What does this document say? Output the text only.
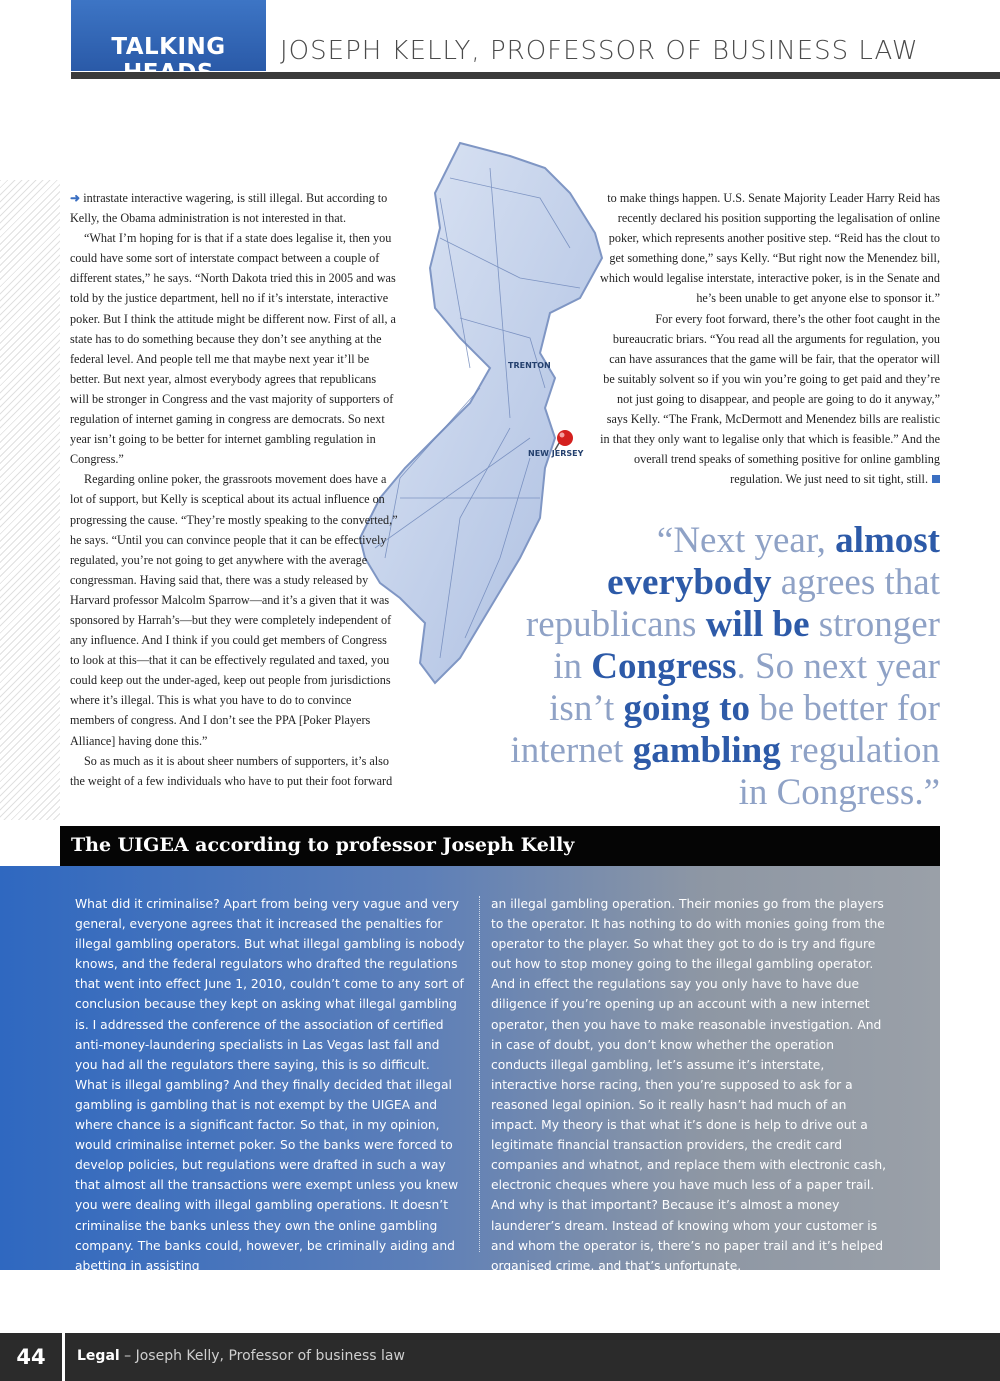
TALKING	JOSEPH KELLY, PROFESSOR OF BUSINESS LAW
TRENTON
NEW JERSEY

➜ intrastate interactive wagering, is still illegal. But according to Kelly, the Obama administration is not interested in that.

“What I’m hoping for is that if a state does legalise it, then you could have some sort of interstate compact between a couple of different states,” he says. “North Dakota tried this in 2005 and was told by the justice department, hell no if it’s interstate, interactive poker. But I think the attitude might be different now. First of all, a state has to do something because they don’t see anything at the federal level. And people tell me that maybe next year it’ll be better. But next year, almost everybody agrees that republicans will be stronger in Congress and the vast majority of supporters of regulation of internet gaming in congress are democrats. So next year isn’t going to be better for internet gambling regulation in Congress.”

Regarding online poker, the grassroots movement does have a lot of support, but Kelly is sceptical about its actual influence on progressing the cause. “They’re mostly speaking to the converted,” he says. “Until you can convince people that it can be effectively regulated, you’re not going to get anywhere with the average congressman. Having said that, there was a study released by Harvard professor Malcolm Sparrow—and it’s a given that it was sponsored by Harrah’s—but they were completely independent of any influence. And I think if you could get members of Congress to look at this—that it can be effectively regulated and taxed, you could keep out the under-aged, keep out people from jurisdictions where it’s illegal. This is what you have to do to convince members of congress. And I don’t see the PPA [Poker Players Alliance] having done this.”

So as much as it is about sheer numbers of supporters, it’s also the weight of a few individuals who have to put their foot forward

to make things happen. U.S. Senate Majority Leader Harry Reid has recently declared his position supporting the legalisation of online poker, which represents another positive step. “Reid has the clout to get something done,” says Kelly. “But right now the Menendez bill, which would legalise interstate, interactive poker, is in the Senate and he’s been unable to get anyone else to sponsor it.”

For every foot forward, there’s the other foot caught in the bureaucratic briars. “You read all the arguments for regulation, you can have assurances that the game will be fair, that the operator will be suitably solvent so if you win you’re going to get paid and they’re not just going to disappear, and people are going to do it anyway,” says Kelly. “The Frank, McDermott and Menendez bills are realistic in that they only want to legalise only that which is feasible.” And the overall trend speaks of something positive for online gambling regulation. We just need to sit tight, still.

“Next year, almost everybody agrees that republicans will be stronger in Congress. So next year isn’t going to be better for internet gambling regulation in Congress.”
The UIGEA according to professor Joseph Kelly
What did it criminalise? Apart from being very vague and very general, everyone agrees that it increased the penalties for illegal gambling operators. But what illegal gambling is nobody knows, and the federal regulators who drafted the regulations that went into effect June 1, 2010, couldn’t come to any sort of conclusion because they kept on asking what illegal gambling is. I addressed the conference of the association of certified anti-money-laundering specialists in Las Vegas last fall and you had all the regulators there saying, this is so difficult. What is illegal gambling? And they finally decided that illegal gambling is gambling that is not exempt by the UIGEA and where chance is a significant factor. So that, in my opinion, would criminalise internet poker. So the banks were forced to develop policies, but regulations were drafted in such a way that almost all the transactions were exempt unless you knew you were dealing with illegal gambling operations. It doesn’t criminalise the banks unless they own the online gambling company. The banks could, however, be criminally aiding and abetting in assisting
an illegal gambling operation. Their monies go from the players to the operator. It has nothing to do with monies going from the operator to the player. So what they got to do is try and figure out how to stop money going to the illegal gambling operator. And in effect the regulations say you only have to have due diligence if you’re opening up an account with a new internet operator, then you have to make reasonable investigation. And in case of doubt, you don’t know whether the operation conducts illegal gambling, let’s assume it’s interstate, interactive horse racing, then you’re supposed to ask for a reasoned legal opinion. So it really hasn’t had much of an impact. My theory is that what it’s done is help to drive out a legitimate financial transaction providers, the credit card companies and whatnot, and replace them with electronic cash, electronic cheques where you have much less of a paper trail. And why is that important? Because it’s almost a money launderer’s dream. Instead of knowing whom your customer is and whom the operator is, there’s no paper trail and it’s helped organised crime, and that’s unfortunate.
44	Legal – Joseph Kelly, Professor of business law
